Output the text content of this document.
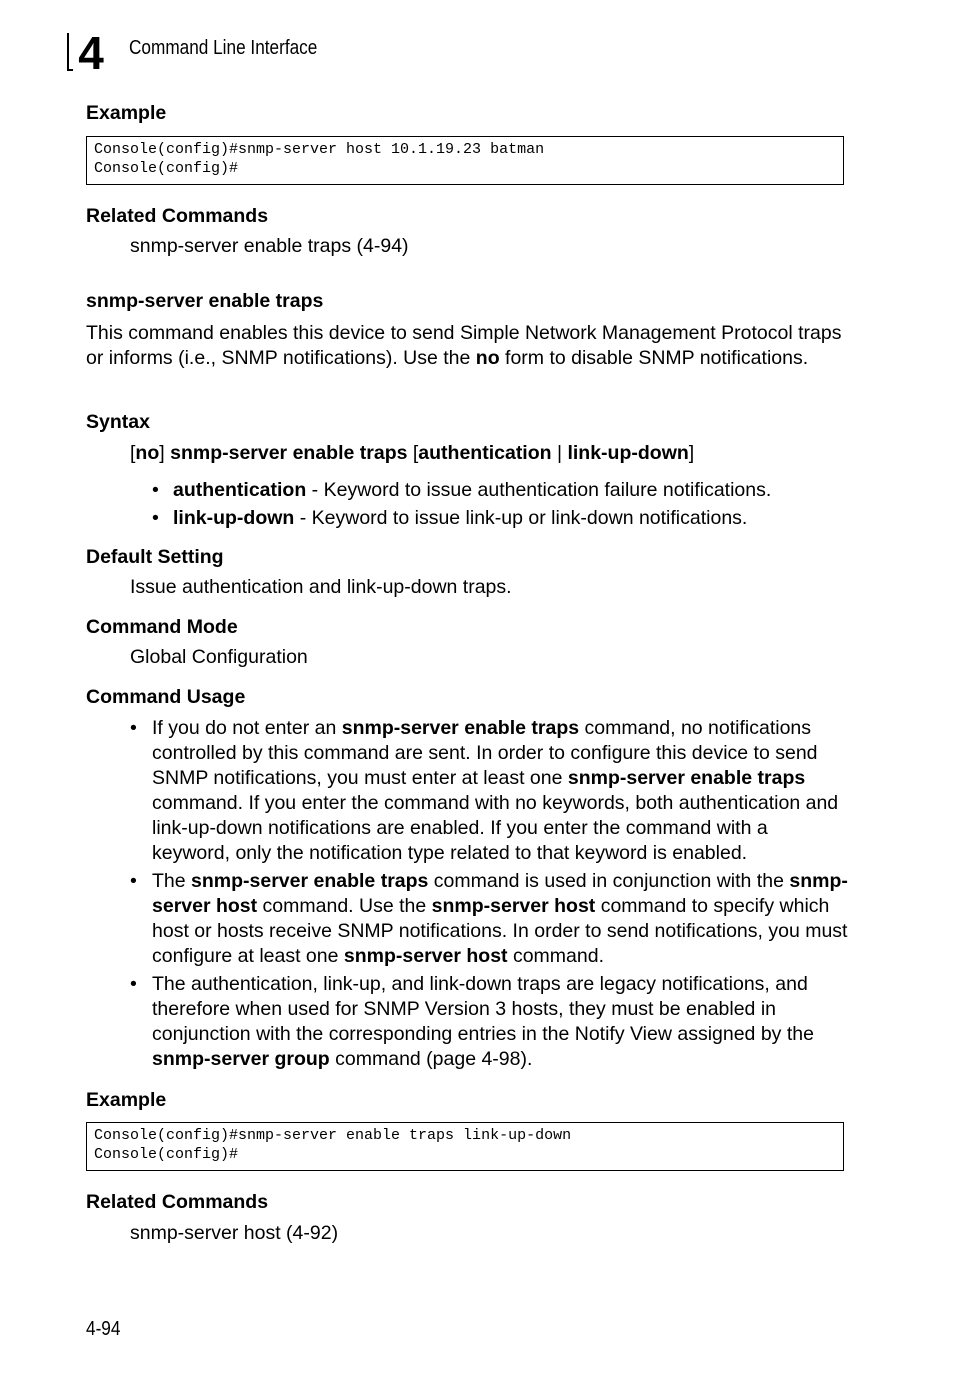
4 Command Line Interface
Example
Console(config)#snmp-server host 10.1.19.23 batman
Console(config)#
Related Commands
snmp-server enable traps (4-94)
snmp-server enable traps
This command enables this device to send Simple Network Management Protocol traps or informs (i.e., SNMP notifications). Use the no form to disable SNMP notifications.
Syntax
[no] snmp-server enable traps [authentication | link-up-down]
• authentication - Keyword to issue authentication failure notifications.
• link-up-down - Keyword to issue link-up or link-down notifications.
Default Setting
Issue authentication and link-up-down traps.
Command Mode
Global Configuration
Command Usage
• If you do not enter an snmp-server enable traps command, no notifications controlled by this command are sent. In order to configure this device to send SNMP notifications, you must enter at least one snmp-server enable traps command. If you enter the command with no keywords, both authentication and link-up-down notifications are enabled. If you enter the command with a keyword, only the notification type related to that keyword is enabled.
• The snmp-server enable traps command is used in conjunction with the snmp-server host command. Use the snmp-server host command to specify which host or hosts receive SNMP notifications. In order to send notifications, you must configure at least one snmp-server host command.
• The authentication, link-up, and link-down traps are legacy notifications, and therefore when used for SNMP Version 3 hosts, they must be enabled in conjunction with the corresponding entries in the Notify View assigned by the snmp-server group command (page 4-98).
Example
Console(config)#snmp-server enable traps link-up-down
Console(config)#
Related Commands
snmp-server host (4-92)
4-94
